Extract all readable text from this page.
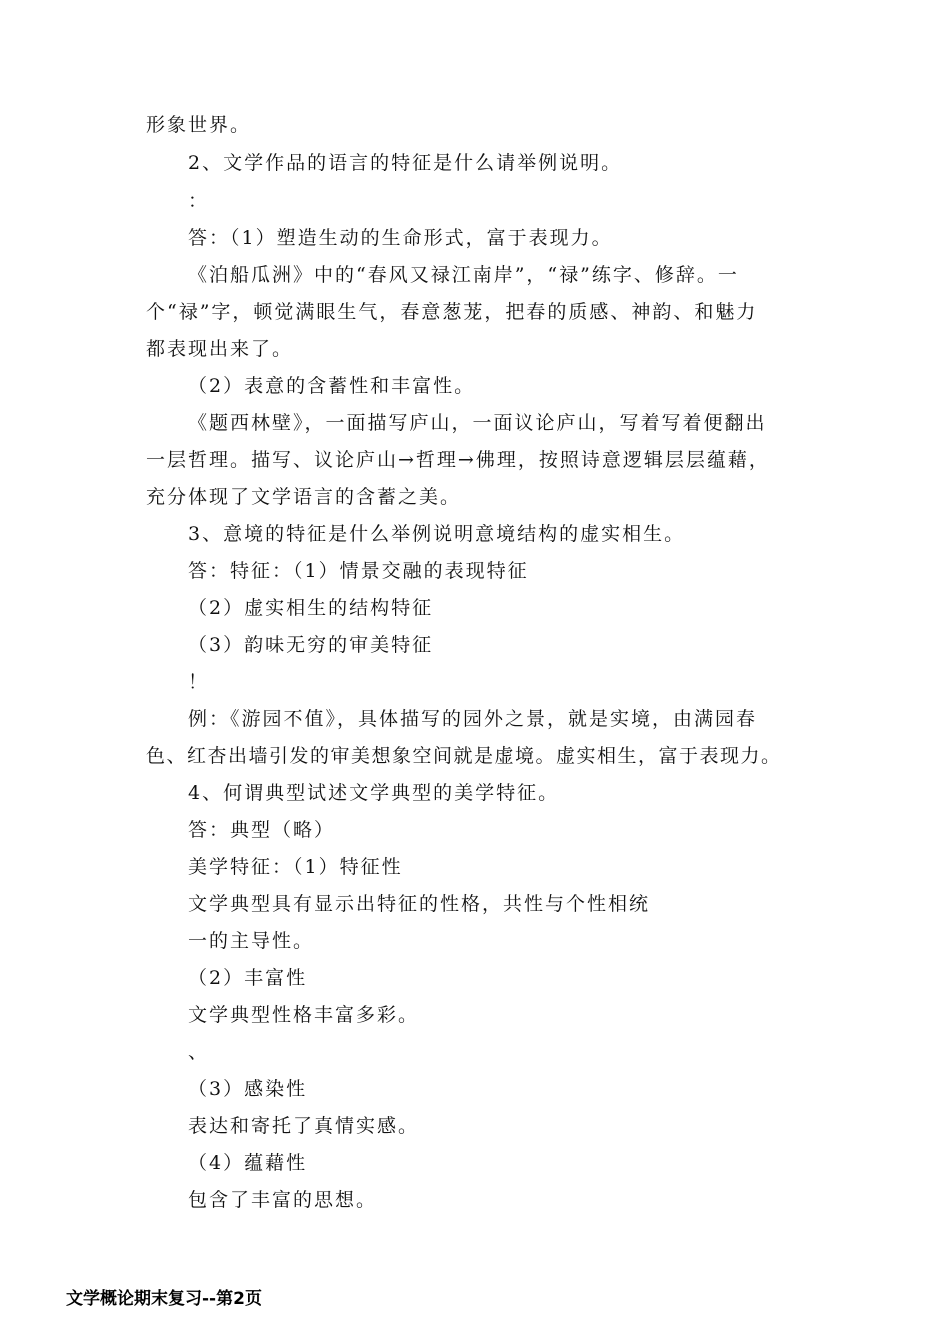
形象世界。
2、文学作品的语言的特征是什么请举例说明。
：
答：（1）塑造生动的生命形式，富于表现力。
《泊船瓜洲》中的“春风又禄江南岸”，“禄”练字、修辞。一
个“禄”字，顿觉满眼生气，春意葱茏，把春的质感、神韵、和魅力
都表现出来了。
（2）表意的含蓄性和丰富性。
《题西林壁》，一面描写庐山，一面议论庐山，写着写着便翻出
一层哲理。描写、议论庐山→哲理→佛理，按照诗意逻辑层层蕴藉，
充分体现了文学语言的含蓄之美。
3、意境的特征是什么举例说明意境结构的虚实相生。
答：特征：（1）情景交融的表现特征
（2）虚实相生的结构特征
（3）韵味无穷的审美特征
！
例：《游园不值》，具体描写的园外之景，就是实境，由满园春
色、红杏出墙引发的审美想象空间就是虚境。虚实相生，富于表现力。
4、何谓典型试述文学典型的美学特征。
答：典型（略）
美学特征：（1）特征性
文学典型具有显示出特征的性格，共性与个性相统
一的主导性。
（2）丰富性
文学典型性格丰富多彩。
、
（3）感染性
表达和寄托了真情实感。
（4）蕴藉性
包含了丰富的思想。
文学概论期末复习--第2页
